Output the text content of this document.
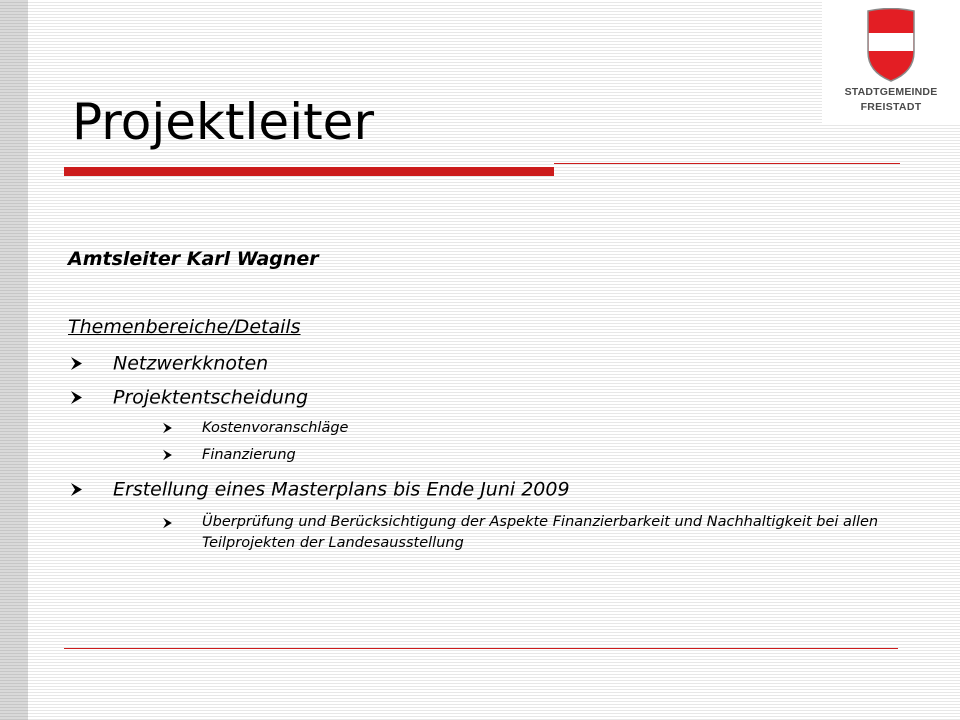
STADTGEMEINDE
FREISTADT
Projektleiter
Amtsleiter Karl Wagner
Themenbereiche/Details
Netzwerkknoten
Projektentscheidung
Kostenvoranschläge
Finanzierung
Erstellung eines Masterplans bis Ende Juni 2009
Überprüfung und Berücksichtigung der Aspekte Finanzierbarkeit und Nachhaltigkeit bei allen Teilprojekten der Landesausstellung
